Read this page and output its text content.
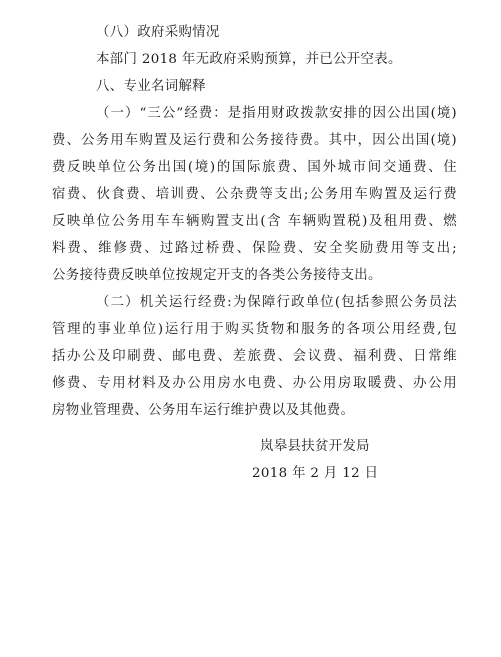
（八）政府采购情况
本部门 2018 年无政府采购预算，并已公开空表。
八、专业名词解释
（一）“三公”经费：是指用财政拨款安排的因公出国(境)
费、公务用车购置及运行费和公务接待费。其中，因公出国(境)
费反映单位公务出国(境)的国际旅费、国外城市间交通费、住
宿费、伙食费、培训费、公杂费等支出;公务用车购置及运行费
反映单位公务用车车辆购置支出(含 车辆购置税)及租用费、燃
料费、维修费、过路过桥费、保险费、安全奖励费用等支出;
公务接待费反映单位按规定开支的各类公务接待支出。
（二）机关运行经费:为保障行政单位(包括参照公务员法
管理的事业单位)运行用于购买货物和服务的各项公用经费,包
括办公及印刷费、邮电费、差旅费、会议费、福利费、日常维
修费、专用材料及办公用房水电费、办公用房取暖费、办公用
房物业管理费、公务用车运行维护费以及其他费。
岚皋县扶贫开发局
2018 年 2 月 12 日
